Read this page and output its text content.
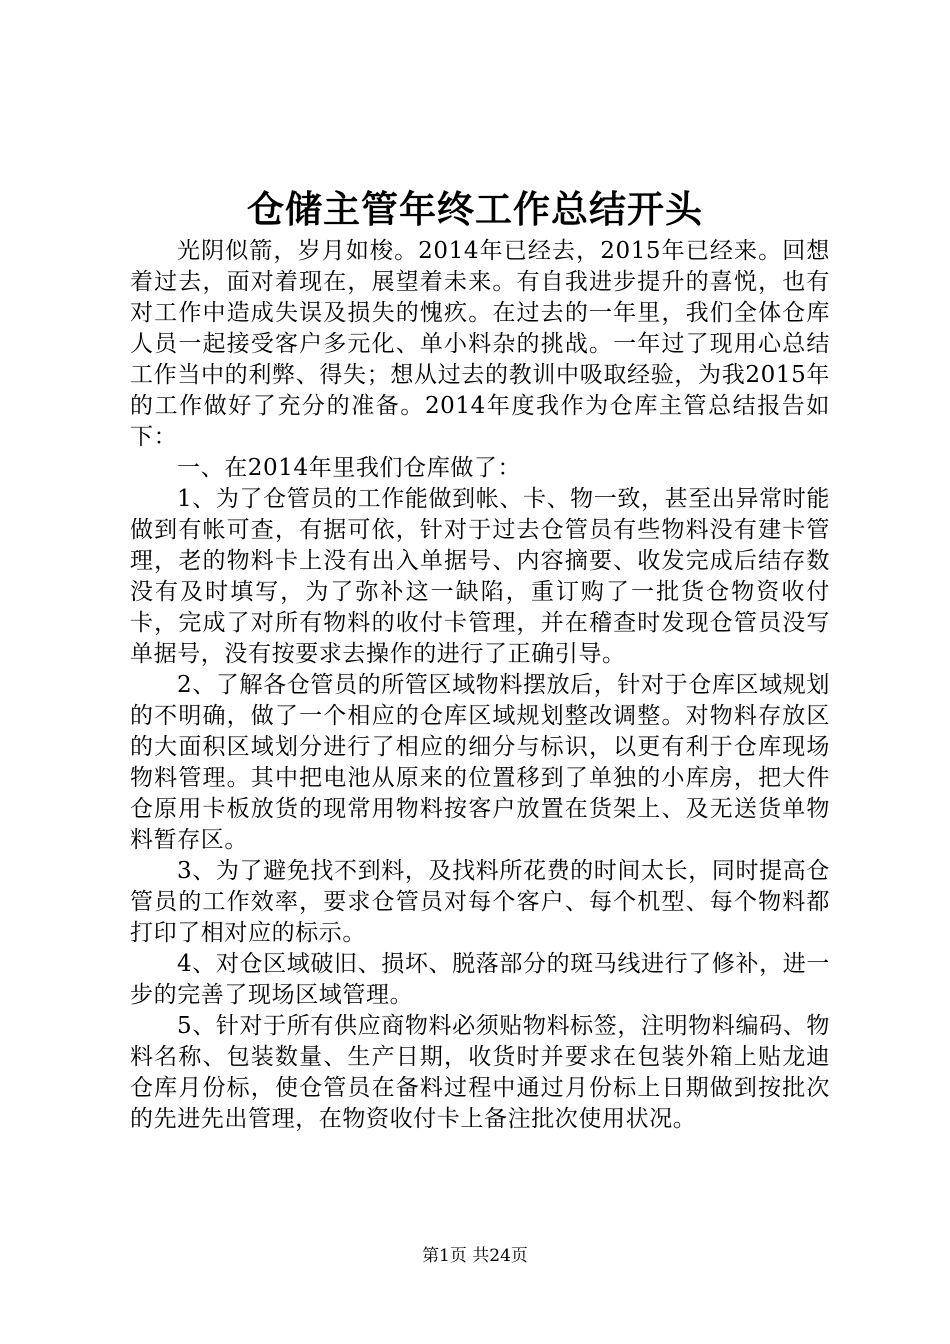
仓储主管年终工作总结开头

光阴似箭，岁月如梭。2014年已经去，2015年已经来。回想着过去，面对着现在，展望着未来。有自我进步提升的喜悦，也有对工作中造成失误及损失的愧疚。在过去的一年里，我们全体仓库人员一起接受客户多元化、单小料杂的挑战。一年过了现用心总结工作当中的利弊、得失；想从过去的教训中吸取经验，为我2015年的工作做好了充分的准备。2014年度我作为仓库主管总结报告如下：

一、在2014年里我们仓库做了：

1、为了仓管员的工作能做到帐、卡、物一致，甚至出异常时能做到有帐可查，有据可依，针对于过去仓管员有些物料没有建卡管理，老的物料卡上没有出入单据号、内容摘要、收发完成后结存数没有及时填写，为了弥补这一缺陷，重订购了一批货仓物资收付卡，完成了对所有物料的收付卡管理，并在稽查时发现仓管员没写单据号，没有按要求去操作的进行了正确引导。

2、了解各仓管员的所管区域物料摆放后，针对于仓库区域规划的不明确，做了一个相应的仓库区域规划整改调整。对物料存放区的大面积区域划分进行了相应的细分与标识，以更有利于仓库现场物料管理。其中把电池从原来的位置移到了单独的小库房，把大件仓原用卡板放货的现常用物料按客户放置在货架上、及无送货单物料暂存区。

3、为了避免找不到料，及找料所花费的时间太长，同时提高仓管员的工作效率，要求仓管员对每个客户、每个机型、每个物料都打印了相对应的标示。

4、对仓区域破旧、损坏、脱落部分的斑马线进行了修补，进一步的完善了现场区域管理。

5、针对于所有供应商物料必须贴物料标签，注明物料编码、物料名称、包装数量、生产日期，收货时并要求在包装外箱上贴龙迪仓库月份标，使仓管员在备料过程中通过月份标上日期做到按批次的先进先出管理，在物资收付卡上备注批次使用状况。

第1页 共24页
